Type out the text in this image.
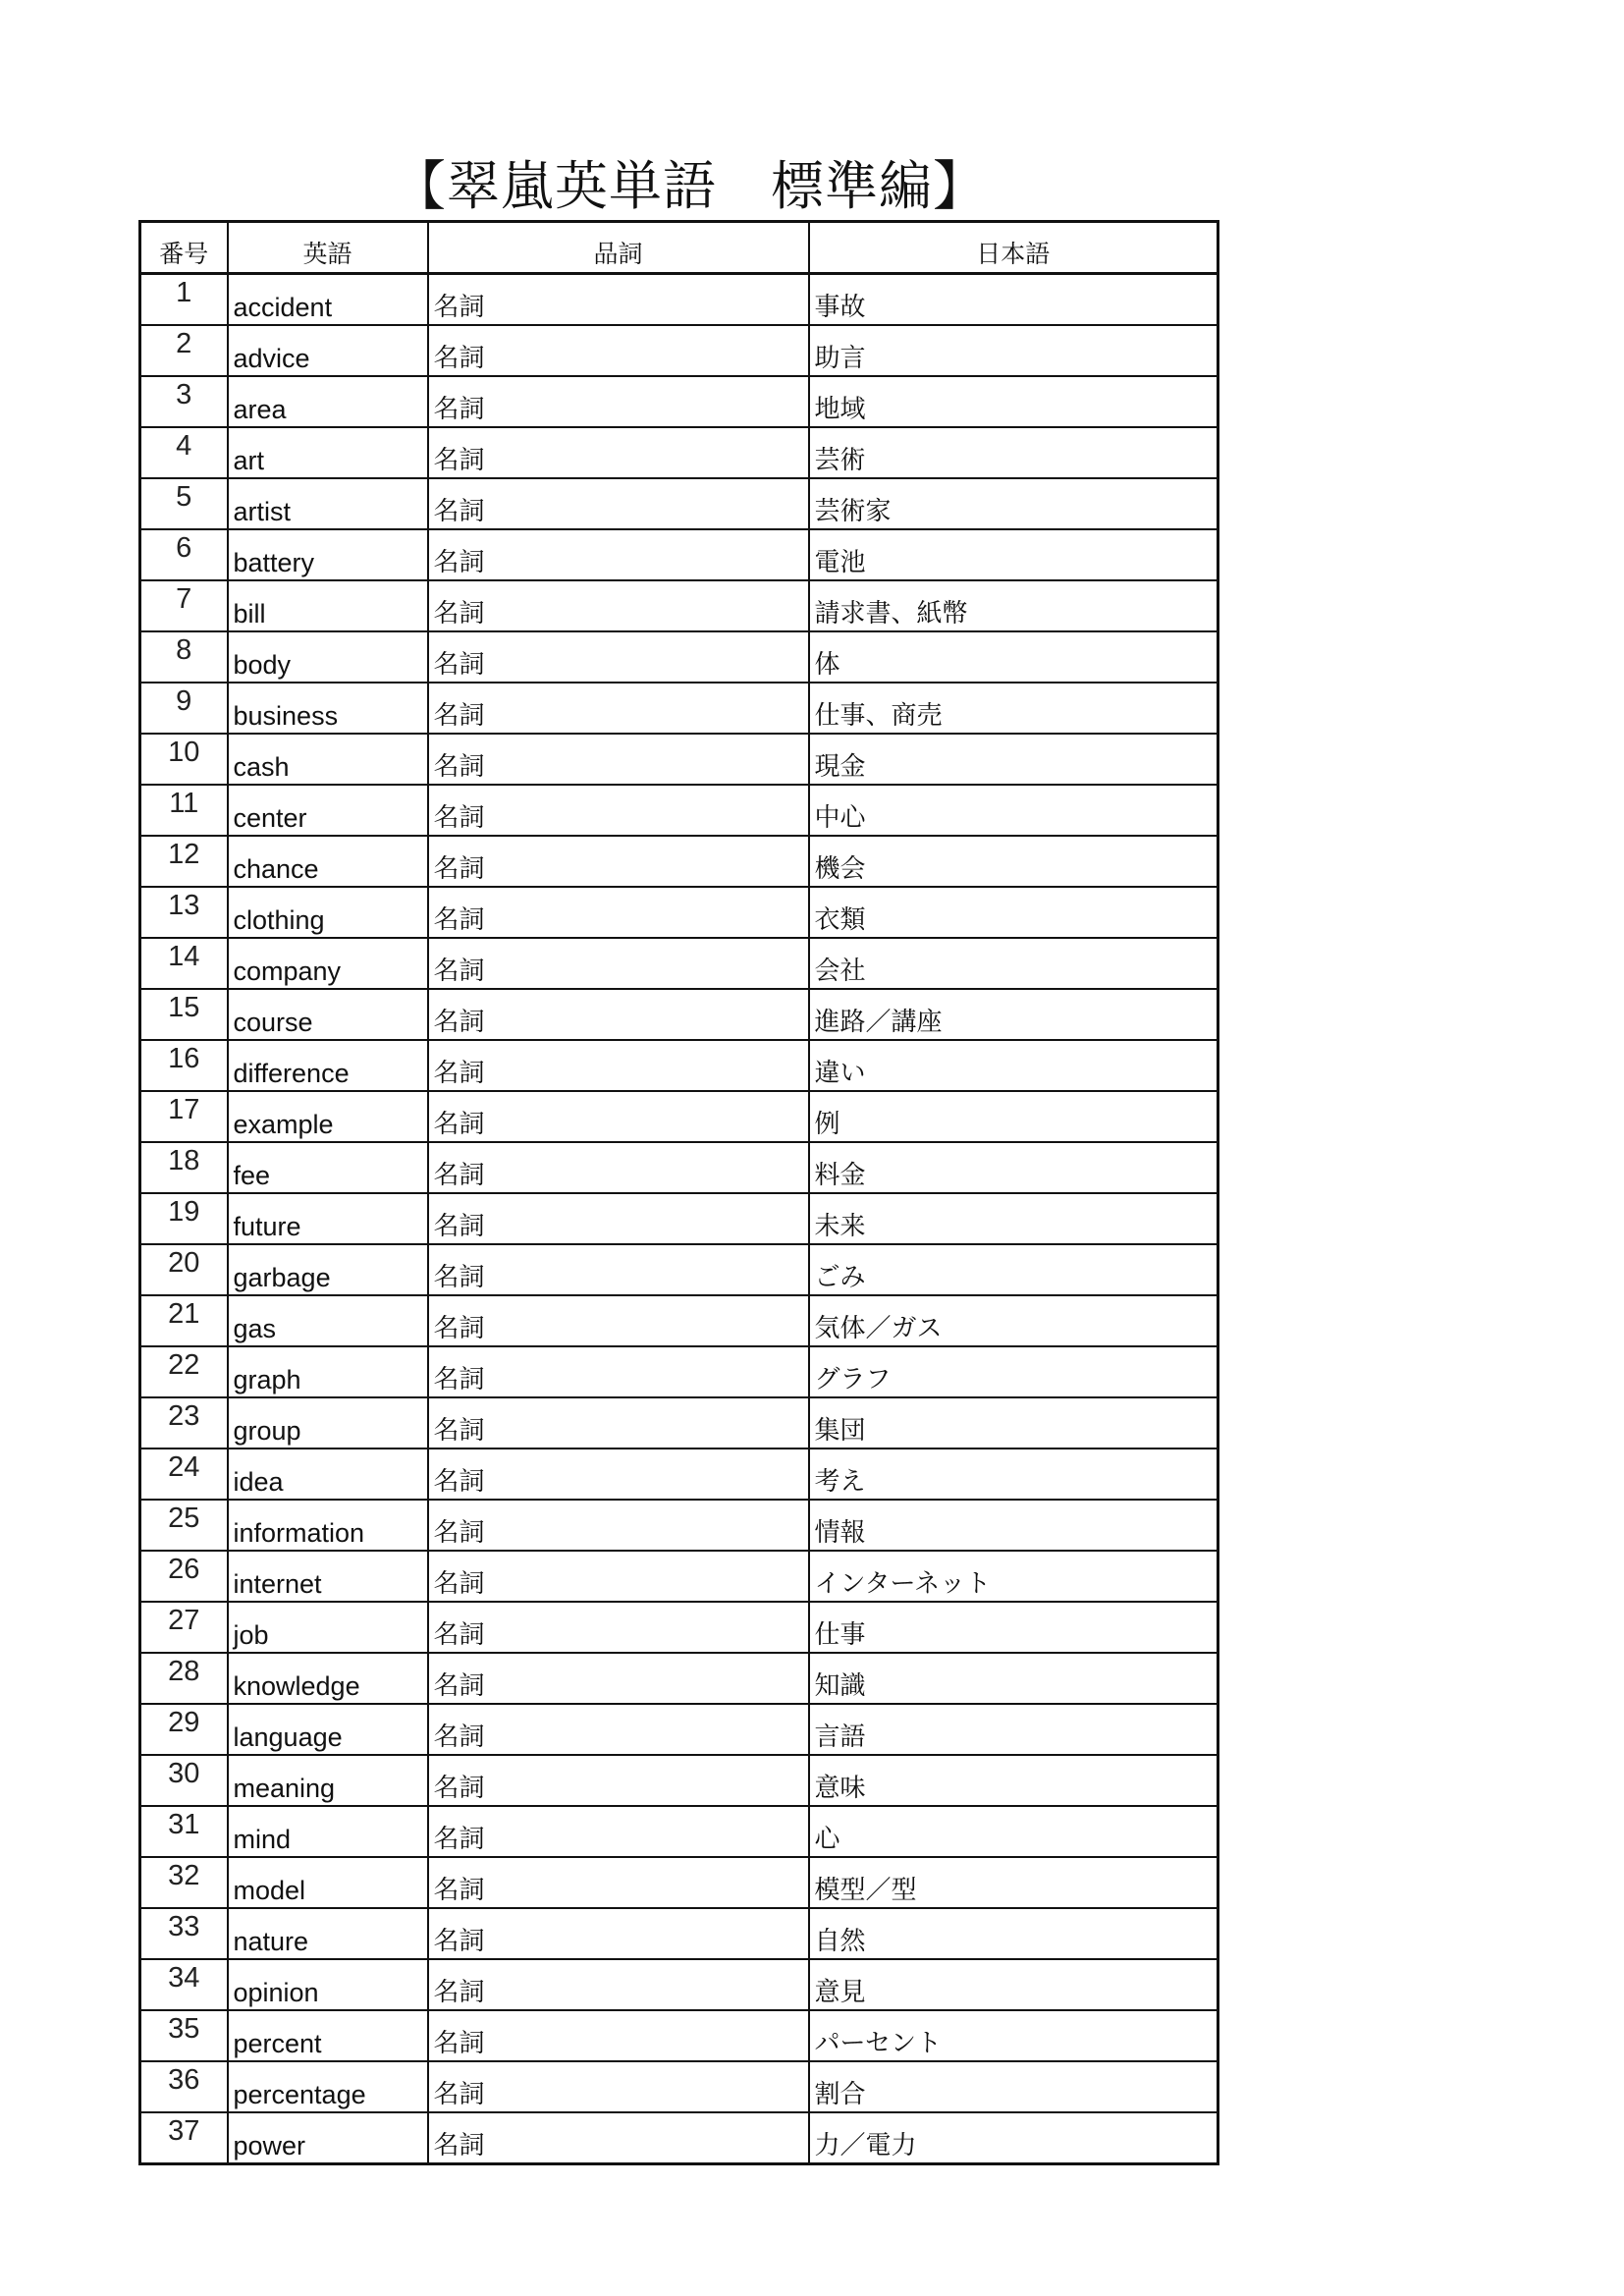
【翠嵐英単語　標準編】
番号	英語	品詞	日本語
1	accident	名詞	事故
2	advice	名詞	助言
3	area	名詞	地域
4	art	名詞	芸術
5	artist	名詞	芸術家
6	battery	名詞	電池
7	bill	名詞	請求書、紙幣
8	body	名詞	体
9	business	名詞	仕事、商売
10	cash	名詞	現金
11	center	名詞	中心
12	chance	名詞	機会
13	clothing	名詞	衣類
14	company	名詞	会社
15	course	名詞	進路／講座
16	difference	名詞	違い
17	example	名詞	例
18	fee	名詞	料金
19	future	名詞	未来
20	garbage	名詞	ごみ
21	gas	名詞	気体／ガス
22	graph	名詞	グラフ
23	group	名詞	集団
24	idea	名詞	考え
25	information	名詞	情報
26	internet	名詞	インターネット
27	job	名詞	仕事
28	knowledge	名詞	知識
29	language	名詞	言語
30	meaning	名詞	意味
31	mind	名詞	心
32	model	名詞	模型／型
33	nature	名詞	自然
34	opinion	名詞	意見
35	percent	名詞	パーセント
36	percentage	名詞	割合
37	power	名詞	力／電力
